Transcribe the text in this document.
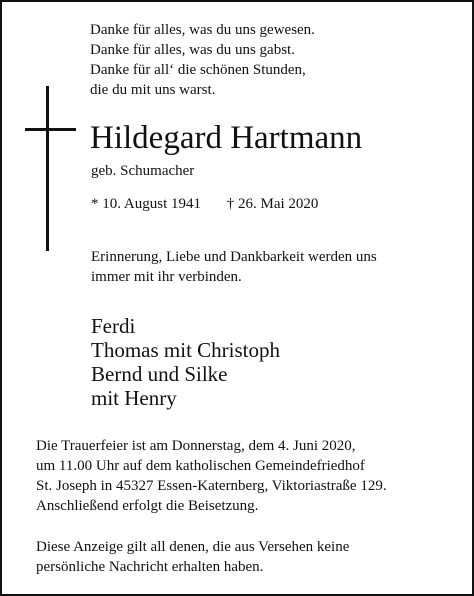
Danke für alles, was du uns gewesen.
Danke für alles, was du uns gabst.
Danke für all‘ die schönen Stunden,
die du mit uns warst.
Hildegard Hartmann
geb. Schumacher
* 10. August 1941 † 26. Mai 2020
Erinnerung, Liebe und Dankbarkeit werden uns
immer mit ihr verbinden.
Ferdi
Thomas mit Christoph
Bernd und Silke
mit Henry
Die Trauerfeier ist am Donnerstag, dem 4. Juni 2020,
um 11.00 Uhr auf dem katholischen Gemeindefriedhof
St. Joseph in 45327 Essen-Katernberg, Viktoriastraße 129.
Anschließend erfolgt die Beisetzung.
Diese Anzeige gilt all denen, die aus Versehen keine
persönliche Nachricht erhalten haben.
